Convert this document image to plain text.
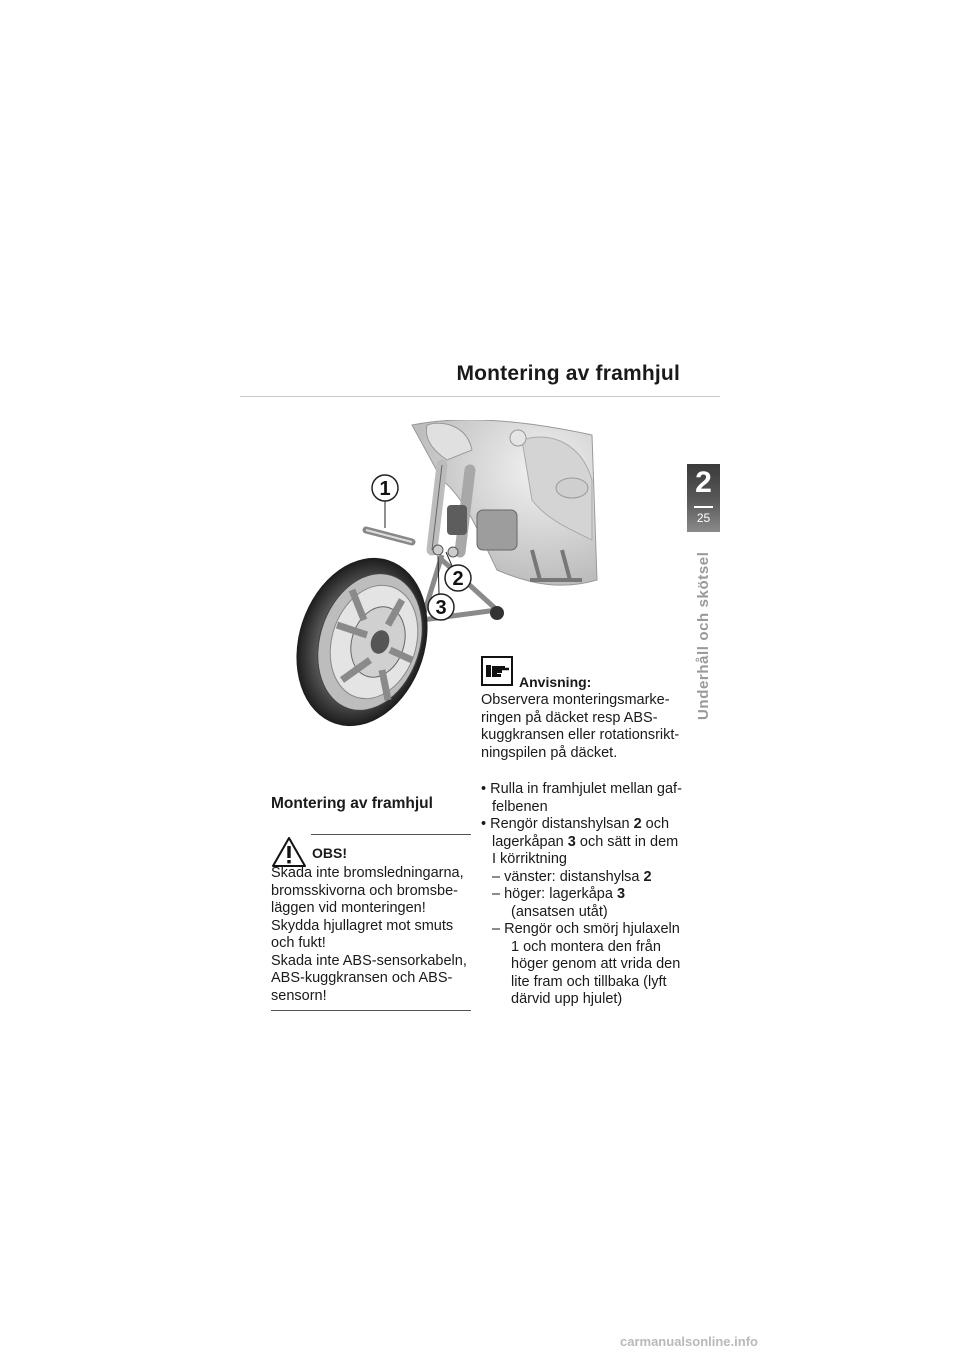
Montering av framhjul
2
25
Underhåll och skötsel
1
2
3
Montering av framhjul
OBS!
Skada inte bromsledningarna,
bromsskivorna och bromsbe-
läggen vid monteringen!
Skydda hjullagret mot smuts
och fukt!
Skada inte ABS-sensorkabeln,
ABS-kuggkransen och ABS-
sensorn!
Anvisning:
Observera monteringsmarke-
ringen på däcket resp ABS-
kuggkransen eller rotationsrikt-
ningspilen på däcket.
• Rulla in framhjulet mellan gaf-
felbenen
• Rengör distanshylsan 2 och
lagerkåpan 3 och sätt in dem
I körriktning
– vänster: distanshylsa 2
– höger: lagerkåpa 3
(ansatsen utåt)
– Rengör och smörj hjulaxeln
1 och montera den från
höger genom att vrida den
lite fram och tillbaka (lyft
därvid upp hjulet)
carmanualsonline.info
